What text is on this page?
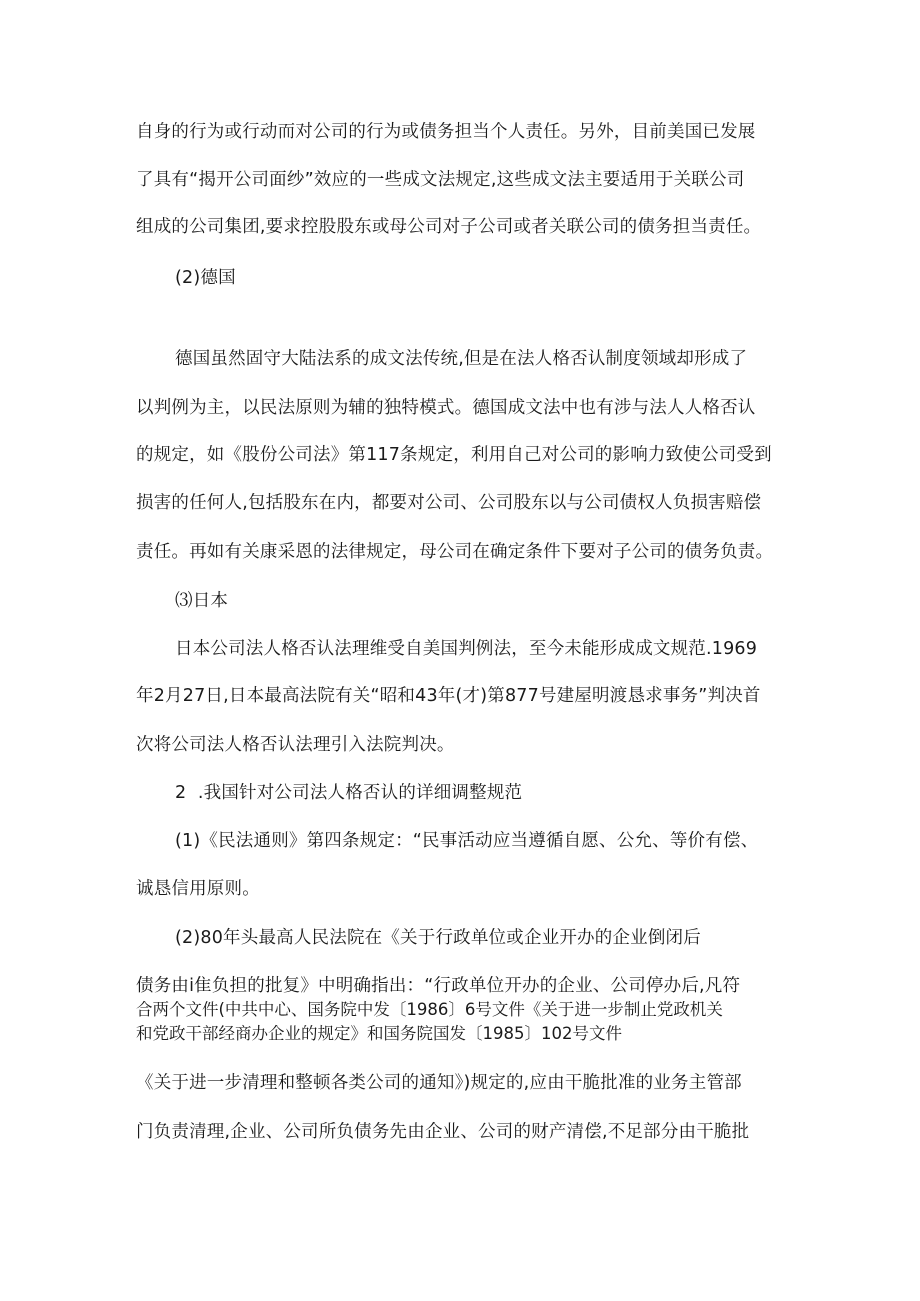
自身的行为或行动而对公司的行为或债务担当个人责任。另外，目前美国已发展
了具有“揭开公司面纱”效应的一些成文法规定,这些成文法主要适用于关联公司
组成的公司集团,要求控股股东或母公司对子公司或者关联公司的债务担当责任。
(2)德国
德国虽然固守大陆法系的成文法传统,但是在法人格否认制度领域却形成了
以判例为主，以民法原则为辅的独特模式。德国成文法中也有涉与法人人格否认
的规定，如《股份公司法》第117条规定，利用自己对公司的影响力致使公司受到
损害的任何人,包括股东在内，都要对公司、公司股东以与公司债权人负损害赔偿
责任。再如有关康采恩的法律规定，母公司在确定条件下要对子公司的债务负责。
⑶日本
日本公司法人格否认法理维受自美国判例法，至今未能形成成文规范.1969
年2月27日,日本最高法院有关“昭和43年(才)第877号建屋明渡恳求事务”判决首
次将公司法人格否认法理引入法院判决。
2  .我国针对公司法人格否认的详细调整规范
(1)《民法通则》第四条规定：“民事活动应当遵循自愿、公允、等价有偿、
诚恳信用原则。
(2)80年头最高人民法院在《关于行政单位或企业开办的企业倒闭后
债务由i隹负担的批复》中明确指出：“行政单位开办的企业、公司停办后,凡符
合两个文件(中共中心、国务院中发〔1986〕6号文件《关于进一步制止党政机关
和党政干部经商办企业的规定》和国务院国发〔1985〕102号文件
《关于进一步清理和整顿各类公司的通知》)规定的,应由干脆批准的业务主管部
门负责清理,企业、公司所负债务先由企业、公司的财产清偿,不足部分由干脆批
